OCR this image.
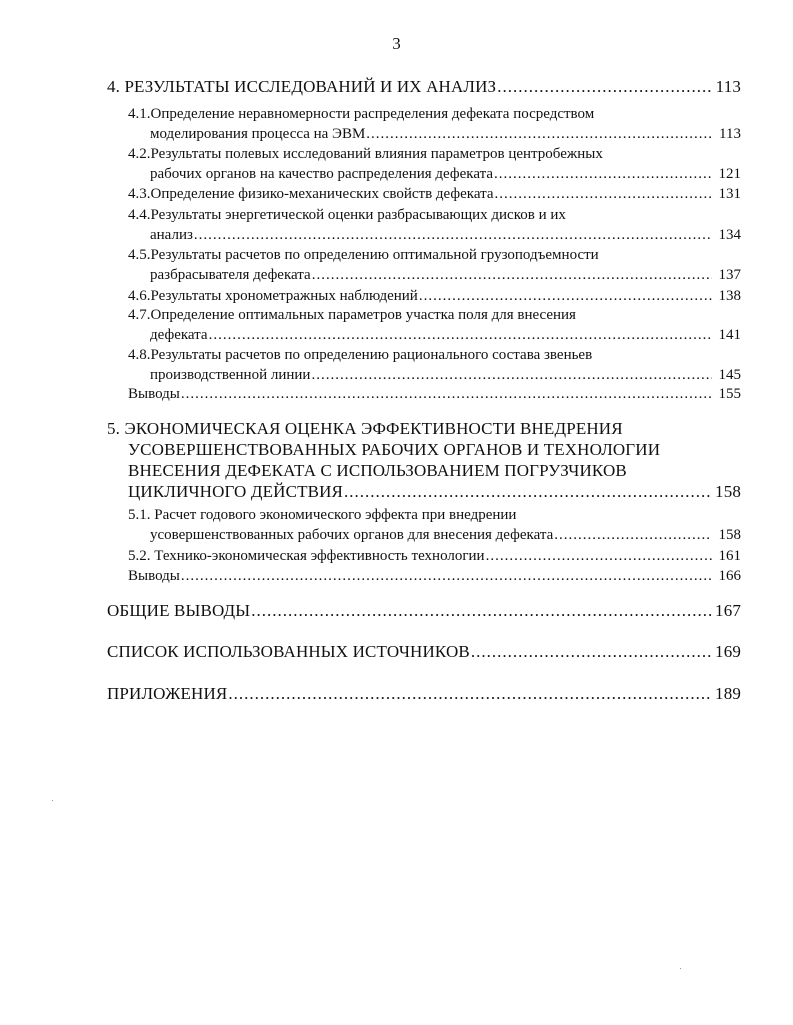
3
4. РЕЗУЛЬТАТЫ ИССЛЕДОВАНИЙ И ИХ АНАЛИЗ .....	113
4.1.Определение неравномерности распределения дефеката посредством
моделирования процесса на ЭВМ .....	113
4.2.Результаты полевых исследований влияния параметров центробежных
рабочих органов на качество распределения дефеката .....	121
4.3.Определение физико-механических свойств дефеката .....	131
4.4.Результаты энергетической оценки разбрасывающих дисков и их
анализ .....	134
4.5.Результаты расчетов по определению оптимальной грузоподъемности
разбрасывателя дефеката .....	137
4.6.Результаты хронометражных наблюдений .....	138
4.7.Определение оптимальных параметров участка поля для внесения
дефеката .....	141
4.8.Результаты расчетов по определению рационального состава звеньев
производственной линии .....	145
Выводы .....	155
5. ЭКОНОМИЧЕСКАЯ ОЦЕНКА ЭФФЕКТИВНОСТИ ВНЕДРЕНИЯ
УСОВЕРШЕНСТВОВАННЫХ РАБОЧИХ ОРГАНОВ И ТЕХНОЛОГИИ
ВНЕСЕНИЯ ДЕФЕКАТА С ИСПОЛЬЗОВАНИЕМ ПОГРУЗЧИКОВ
ЦИКЛИЧНОГО ДЕЙСТВИЯ .....	158
5.1. Расчет годового экономического эффекта при внедрении
усовершенствованных рабочих органов для внесения дефеката .....	158
5.2. Технико-экономическая эффективность технологии .....	161
Выводы .....	166
ОБЩИЕ ВЫВОДЫ .....	167
СПИСОК ИСПОЛЬЗОВАННЫХ ИСТОЧНИКОВ .....	169
ПРИЛОЖЕНИЯ .....	189
